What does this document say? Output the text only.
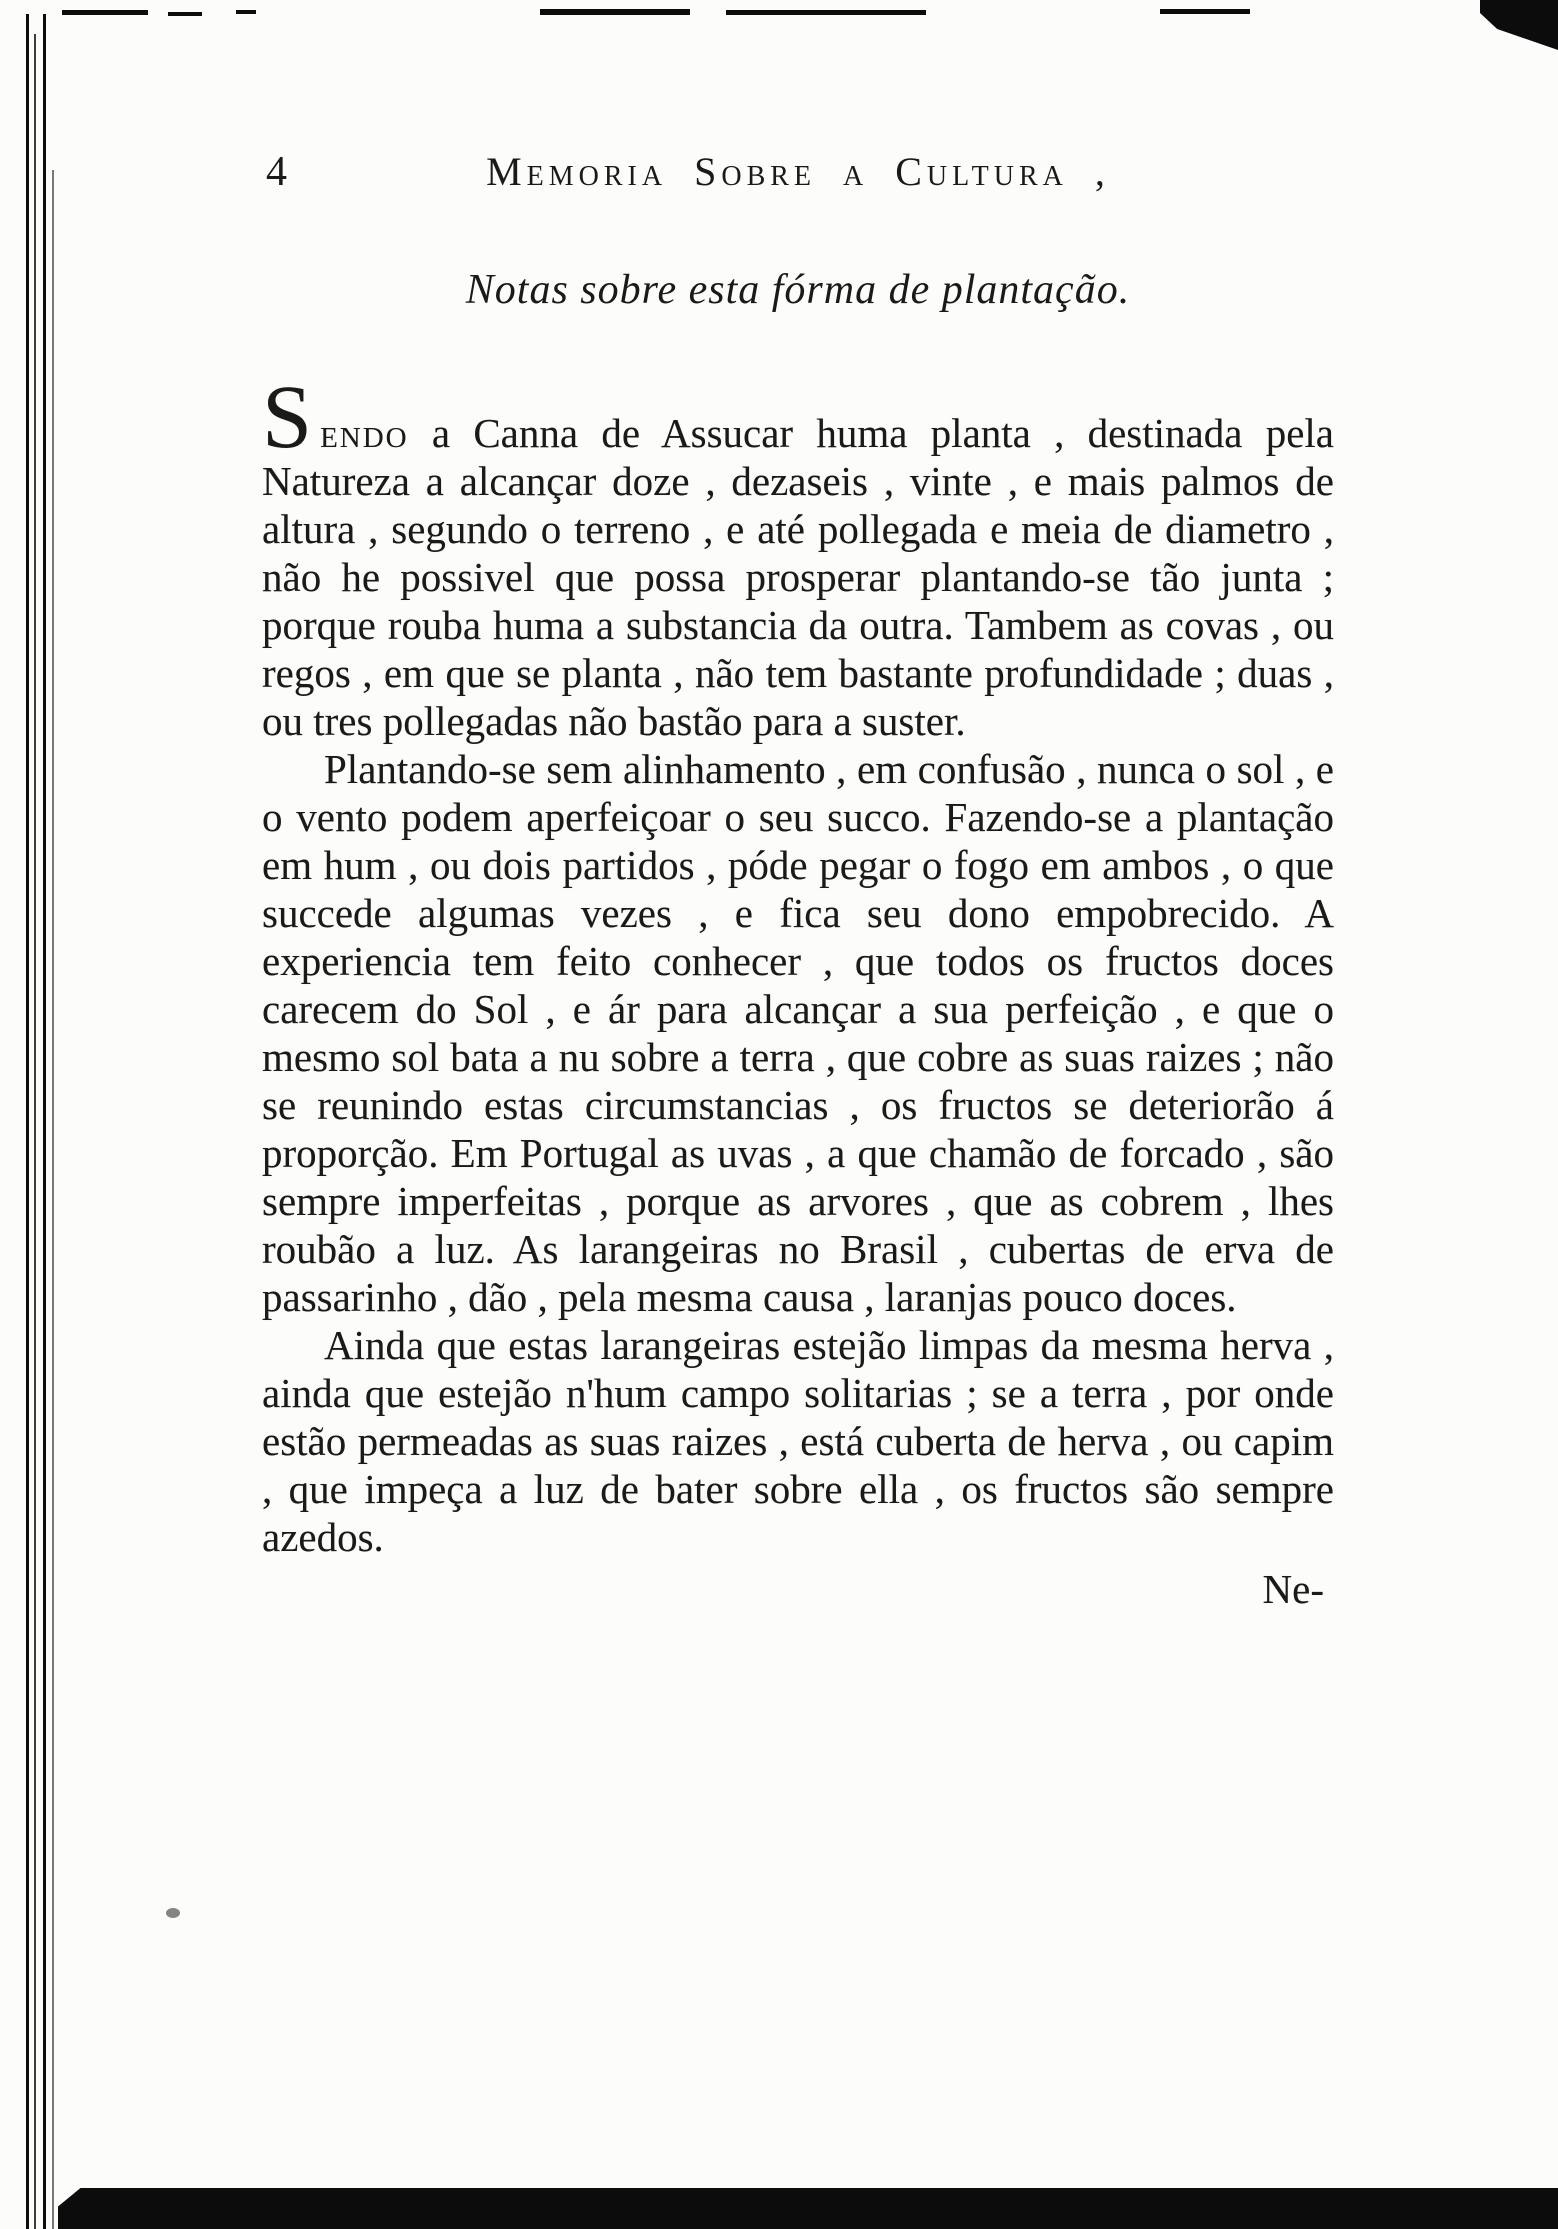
4	Memoria Sobre a Cultura ,
Notas sobre esta fórma de plantação.

Sendo a Canna de Assucar huma planta , destinada pela Natureza a alcançar doze , dezaseis , vinte , e mais palmos de altura , segundo o terreno , e até pollegada e meia de diametro , não he possivel que possa prosperar plantando-se tão junta ; porque rouba huma a substancia da outra. Tambem as covas , ou regos , em que se planta , não tem bastante profundidade ; duas , ou tres pollegadas não bastão para a suster.

Plantando-se sem alinhamento , em confusão , nunca o sol , e o vento podem aperfeiçoar o seu succo. Fazendo-se a plantação em hum , ou dois partidos , póde pegar o fogo em ambos , o que succede algumas vezes , e fica seu dono empobrecido. A experiencia tem feito conhecer , que todos os fructos doces carecem do Sol , e ár para alcançar a sua perfeição , e que o mesmo sol bata a nu sobre a terra , que cobre as suas raizes ; não se reunindo estas circumstancias , os fructos se deteriorão á proporção. Em Portugal as uvas , a que chamão de forcado , são sempre imperfeitas , porque as arvores , que as cobrem , lhes roubão a luz. As larangeiras no Brasil , cubertas de erva de passarinho , dão , pela mesma causa , laranjas pouco doces.

Ainda que estas larangeiras estejão limpas da mesma herva , ainda que estejão n'hum campo solitarias ; se a terra , por onde estão permeadas as suas raizes , está cuberta de herva , ou capim , que impeça a luz de bater sobre ella , os fructos são sempre azedos.

Ne-
